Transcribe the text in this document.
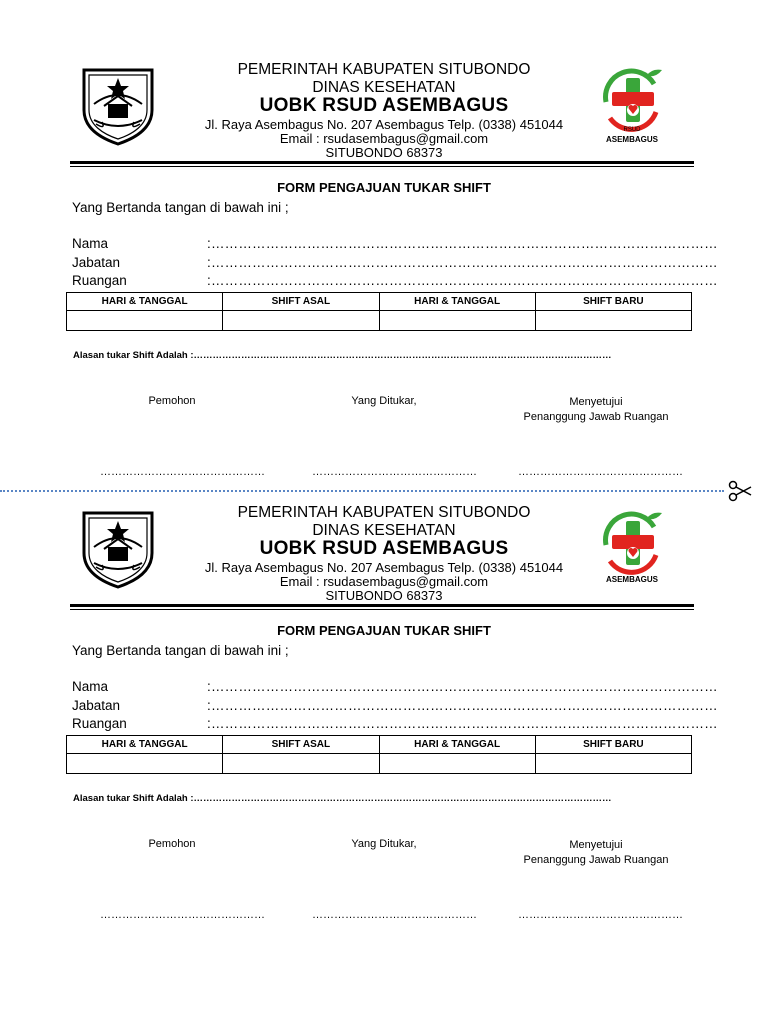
PEMERINTAH KABUPATEN SITUBONDO
DINAS KESEHATAN
UOBK RSUD ASEMBAGUS
Jl. Raya Asembagus No. 207 Asembagus Telp. (0338) 451044
Email : rsudasembagus@gmail.com
SITUBONDO 68373
RSUD
ASEMBAGUS
FORM PENGAJUAN TUKAR SHIFT
Yang Bertanda tangan di bawah ini ;
Nama	:…………………………………………………………………………………………………
Jabatan	:…………………………………………………………………………………………………
Ruangan	:…………………………………………………………………………………………………
HARI & TANGGAL	SHIFT ASAL	HARI & TANGGAL	SHIFT BARU

Alasan tukar Shift Adalah :……………………………………………………………………………………………………………………
Pemohon	Yang Ditukar,	Menyetujui
Penanggung Jawab Ruangan
………………………………………	………………………………………	………………………………………
PEMERINTAH KABUPATEN SITUBONDO
DINAS KESEHATAN
UOBK RSUD ASEMBAGUS
Jl. Raya Asembagus No. 207 Asembagus Telp. (0338) 451044
Email : rsudasembagus@gmail.com
SITUBONDO 68373
ASEMBAGUS
FORM PENGAJUAN TUKAR SHIFT
Yang Bertanda tangan di bawah ini ;
Nama	:…………………………………………………………………………………………………
Jabatan	:…………………………………………………………………………………………………
Ruangan	:…………………………………………………………………………………………………
HARI & TANGGAL	SHIFT ASAL	HARI & TANGGAL	SHIFT BARU

Alasan tukar Shift Adalah :……………………………………………………………………………………………………………………
Pemohon	Yang Ditukar,	Menyetujui
Penanggung Jawab Ruangan
………………………………………	………………………………………	………………………………………
